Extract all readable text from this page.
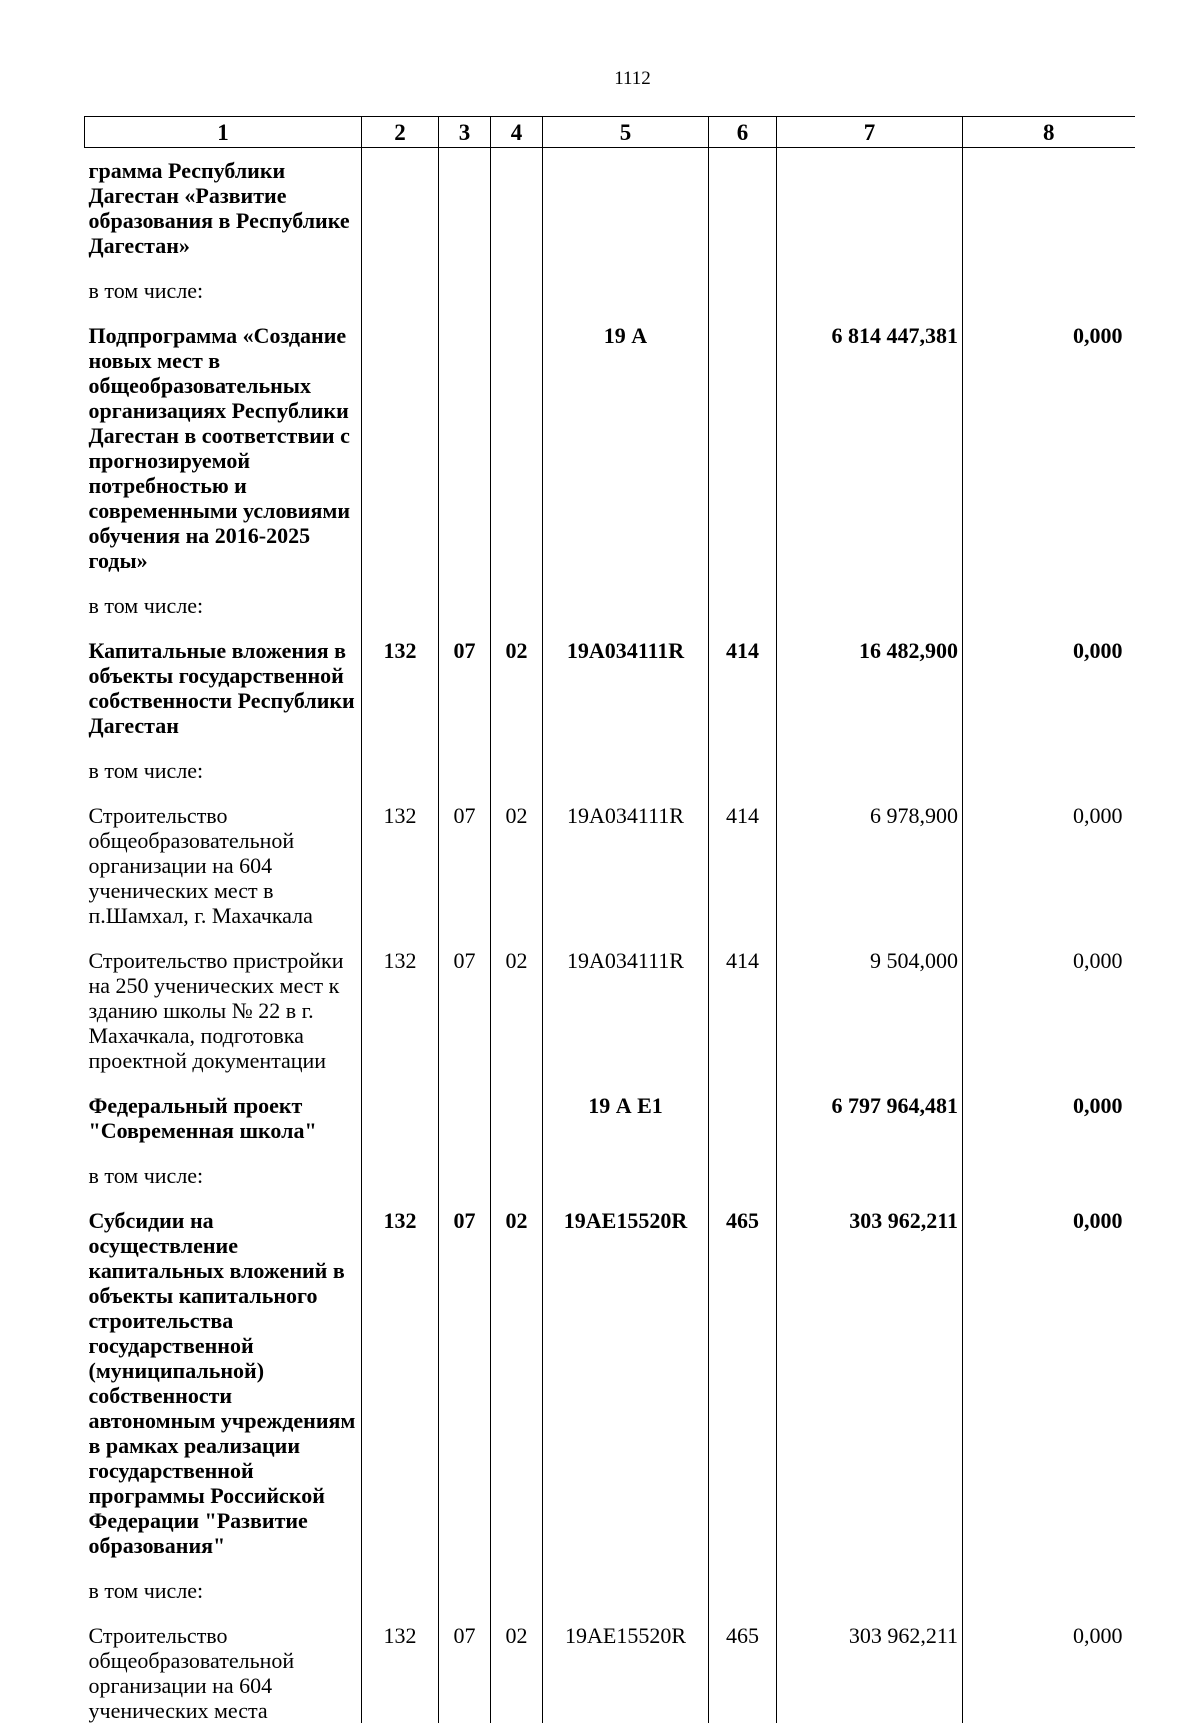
1112
1	2	3	4	5	6	7	8
грамма Республики Дагестан «Развитие образования в Республике Дагестан»							
в том числе:							
Подпрограмма «Создание новых мест в общеобразовательных организациях Республики Дагестан в соответствии с прогнозируемой потребностью и современными условиями обучения на 2016-2025 годы»				19 А		6 814 447,381	0,000
в том числе:							
Капитальные вложения в объекты государственной собственности Республики Дагестан	132	07	02	19А034111R	414	16 482,900	0,000
в том числе:							
Строительство общеобразовательной организации на 604 ученических мест в п.Шамхал, г. Махачкала	132	07	02	19А034111R	414	6 978,900	0,000
Строительство пристройки на 250 ученических мест к зданию школы № 22 в г. Махачкала, подготовка проектной документации	132	07	02	19А034111R	414	9 504,000	0,000
Федеральный проект "Современная школа"				19 А Е1		6 797 964,481	0,000
в том числе:							
Субсидии на осуществление капитальных вложений в объекты капитального строительства государственной (муниципальной) собственности автономным учреждениям в рамках реализации государственной программы Российской Федерации "Развитие образования"	132	07	02	19АЕ15520R	465	303 962,211	0,000
в том числе:							
Строительство общеобразовательной организации на 604 ученических места	132	07	02	19АЕ15520R	465	303 962,211	0,000
